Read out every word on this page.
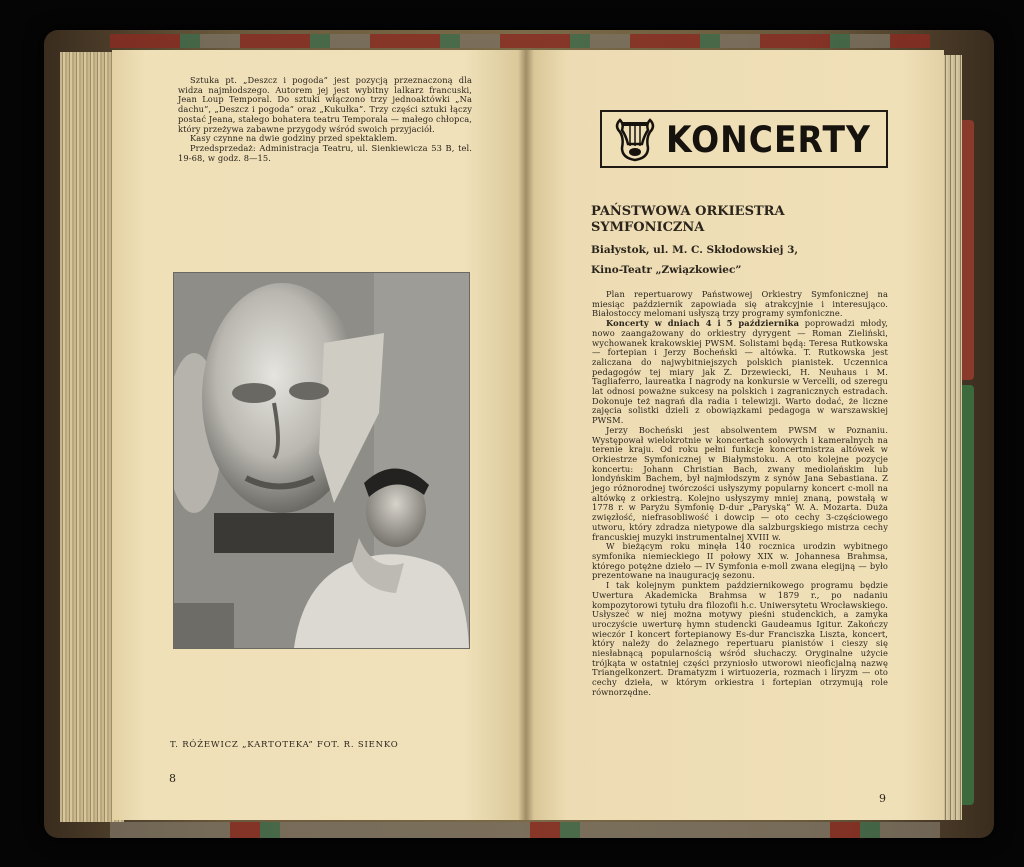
Sztuka pt. „Deszcz i pogoda” jest pozycją przeznaczoną dla widza najmłodszego. Autorem jej jest wybitny lalkarz francuski, Jean Loup Temporal. Do sztuki włączono trzy jednoaktówki „Na dachu”, „Deszcz i pogoda” oraz „Kukułka”. Trzy części sztuki łączy postać Jeana, stałego bohatera teatru Temporala — małego chłopca, który przeżywa zabawne przygody wśród swoich przyjaciół.

Kasy czynne na dwie godziny przed spektaklem.

Przedsprzedaż: Administracja Teatru, ul. Sienkiewicza 53 B, tel. 19-68, w godz. 8—15.

T. RÓŻEWICZ „KARTOTEKA” FOT. R. SIENKO
8
KONCERTY
PAŃSTWOWA ORKIESTRA SYMFONICZNA
Białystok, ul. M. C. Skłodowskiej 3,
Kino-Teatr „Związkowiec”

Plan repertuarowy Państwowej Orkiestry Symfonicznej na miesiąc październik zapowiada się atrakcyjnie i interesująco. Białostoccy melomani usłyszą trzy programy symfoniczne.

Koncerty w dniach 4 i 5 października poprowadzi młody, nowo zaangażowany do orkiestry dyrygent — Roman Zieliński, wychowanek krakowskiej PWSM. Solistami będą: Teresa Rutkowska — fortepian i Jerzy Bocheński — altówka. T. Rutkowska jest zaliczana do najwybitniejszych polskich pianistek. Uczennica pedagogów tej miary jak Z. Drzewiecki, H. Neuhaus i M. Tagliaferro, laureatka I nagrody na konkursie w Vercelli, od szeregu lat odnosi poważne sukcesy na polskich i zagranicznych estradach. Dokonuje też nagrań dla radia i telewizji. Warto dodać, że liczne zajęcia solistki dzieli z obowiązkami pedagoga w warszawskiej PWSM.

Jerzy Bocheński jest absolwentem PWSM w Poznaniu. Występował wielokrotnie w koncertach solowych i kameralnych na terenie kraju. Od roku pełni funkcje koncertmistrza altówek w Orkiestrze Symfonicznej w Białymstoku. A oto kolejne pozycje koncertu: Johann Christian Bach, zwany mediolańskim lub londyńskim Bachem, był najmłodszym z synów Jana Sebastiana. Z jego różnorodnej twórczości usłyszymy popularny koncert c-moll na altówkę z orkiestrą. Kolejno usłyszymy mniej znaną, powstałą w 1778 r. w Paryżu Symfonię D-dur „Paryską” W. A. Mozarta. Duża zwięzłość, niefrasobliwość i dowcip — oto cechy 3-częściowego utworu, który zdradza nietypowe dla salzburgskiego mistrza cechy francuskiej muzyki instrumentalnej XVIII w.

W bieżącym roku minęła 140 rocznica urodzin wybitnego symfonika niemieckiego II połowy XIX w. Johannesa Brahmsa, którego potężne dzieło — IV Symfonia e-moll zwana elegijną — było prezentowane na inaugurację sezonu.

I tak kolejnym punktem październikowego programu będzie Uwertura Akademicka Brahmsa w 1879 r., po nadaniu kompozytorowi tytułu dra filozofii h.c. Uniwersytetu Wrocławskiego. Usłyszeć w niej można motywy pieśni studenckich, a zamyka uroczyście uwerturę hymn studencki Gaudeamus Igitur. Zakończy wieczór I koncert fortepianowy Es-dur Franciszka Liszta, koncert, który należy do żelaznego repertuaru pianistów i cieszy się niesłabnącą popularnością wśród słuchaczy. Oryginalne użycie trójkąta w ostatniej części przyniosło utworowi nieoficjalną nazwę Triangelkonzert. Dramatyzm i wirtuozeria, rozmach i liryzm — oto cechy dzieła, w którym orkiestra i fortepian otrzymują role równorzędne.

9
